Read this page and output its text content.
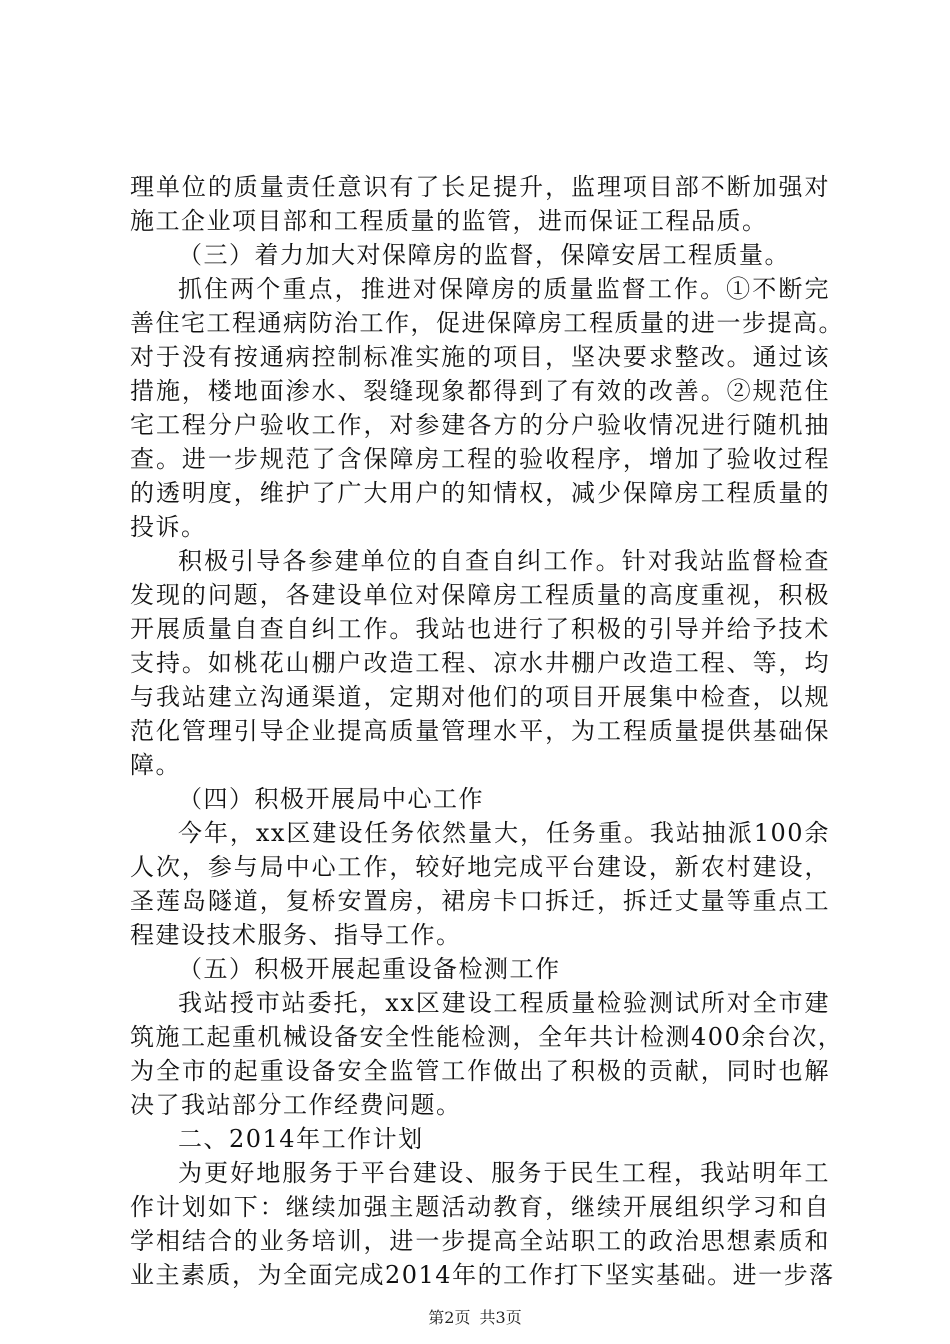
理单位的质量责任意识有了长足提升，监理项目部不断加强对
施工企业项目部和工程质量的监管，进而保证工程品质。
（三）着力加大对保障房的监督，保障安居工程质量。
抓住两个重点，推进对保障房的质量监督工作。①不断完
善住宅工程通病防治工作，促进保障房工程质量的进一步提高。
对于没有按通病控制标准实施的项目，坚决要求整改。通过该
措施，楼地面渗水、裂缝现象都得到了有效的改善。②规范住
宅工程分户验收工作，对参建各方的分户验收情况进行随机抽
查。进一步规范了含保障房工程的验收程序，增加了验收过程
的透明度，维护了广大用户的知情权，减少保障房工程质量的
投诉。
积极引导各参建单位的自查自纠工作。针对我站监督检查
发现的问题，各建设单位对保障房工程质量的高度重视，积极
开展质量自查自纠工作。我站也进行了积极的引导并给予技术
支持。如桃花山棚户改造工程、凉水井棚户改造工程、等，均
与我站建立沟通渠道，定期对他们的项目开展集中检查，以规
范化管理引导企业提高质量管理水平，为工程质量提供基础保
障。
（四）积极开展局中心工作
今年，xx区建设任务依然量大，任务重。我站抽派100余
人次，参与局中心工作，较好地完成平台建设，新农村建设，
圣莲岛隧道，复桥安置房，裙房卡口拆迁，拆迁丈量等重点工
程建设技术服务、指导工作。
（五）积极开展起重设备检测工作
我站授市站委托，xx区建设工程质量检验测试所对全市建
筑施工起重机械设备安全性能检测，全年共计检测400余台次，
为全市的起重设备安全监管工作做出了积极的贡献，同时也解
决了我站部分工作经费问题。
二、2014年工作计划
为更好地服务于平台建设、服务于民生工程，我站明年工
作计划如下：继续加强主题活动教育，继续开展组织学习和自
学相结合的业务培训，进一步提高全站职工的政治思想素质和
业主素质，为全面完成2014年的工作打下坚实基础。进一步落
第2页 共3页
